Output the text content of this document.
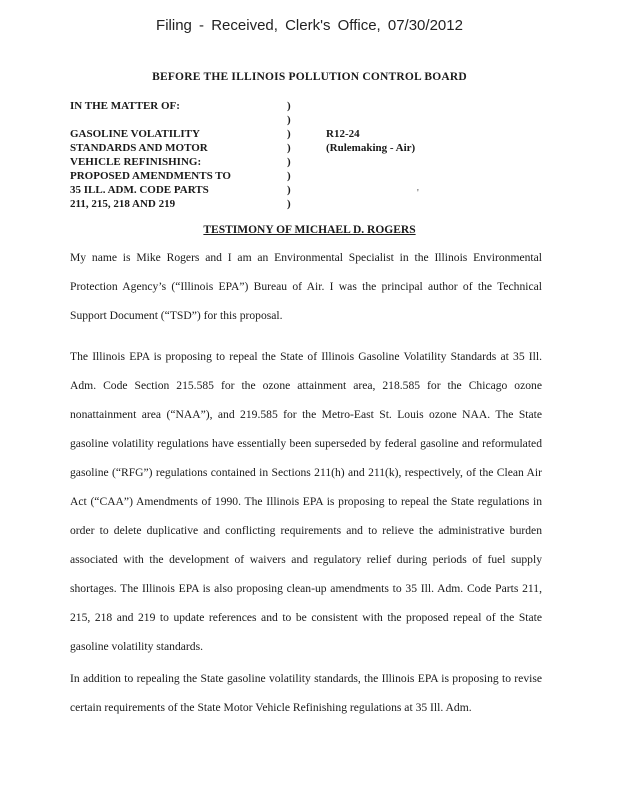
Filing - Received, Clerk's Office, 07/30/2012
BEFORE THE ILLINOIS POLLUTION CONTROL BOARD
IN THE MATTER OF:

GASOLINE VOLATILITY
STANDARDS AND MOTOR
VEHICLE REFINISHING:
PROPOSED AMENDMENTS TO
35 ILL. ADM. CODE PARTS
211, 215, 218 AND 219
)
)
)
)
)
)
)
)
R12-24
(Rulemaking - Air)
'
TESTIMONY OF MICHAEL D. ROGERS
My name is Mike Rogers and I am an Environmental Specialist in the Illinois Environmental Protection Agency’s (“Illinois EPA”) Bureau of Air. I was the principal author of the Technical Support Document (“TSD”) for this proposal.
The Illinois EPA is proposing to repeal the State of Illinois Gasoline Volatility Standards at 35 Ill. Adm. Code Section 215.585 for the ozone attainment area, 218.585 for the Chicago ozone nonattainment area (“NAA”), and 219.585 for the Metro-East St. Louis ozone NAA. The State gasoline volatility regulations have essentially been superseded by federal gasoline and reformulated gasoline (“RFG”) regulations contained in Sections 211(h) and 211(k), respectively, of the Clean Air Act (“CAA”) Amendments of 1990. The Illinois EPA is proposing to repeal the State regulations in order to delete duplicative and conflicting requirements and to relieve the administrative burden associated with the development of waivers and regulatory relief during periods of fuel supply shortages. The Illinois EPA is also proposing clean-up amendments to 35 Ill. Adm. Code Parts 211, 215, 218 and 219 to update references and to be consistent with the proposed repeal of the State gasoline volatility standards.
In addition to repealing the State gasoline volatility standards, the Illinois EPA is proposing to revise certain requirements of the State Motor Vehicle Refinishing regulations at 35 Ill. Adm.
